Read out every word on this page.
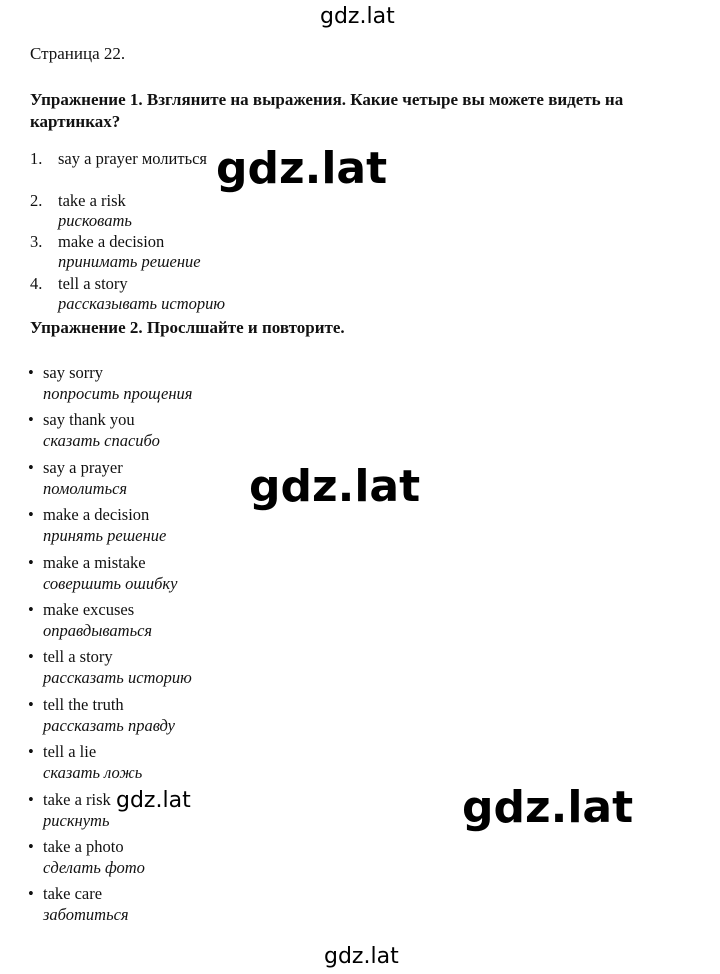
Страница 22.
Упражнение 1. Взгляните на выражения. Какие четыре вы можете видеть на картинках?
1. say a prayer молиться
2. take a risk
рисковать
3. make a decision
принимать решение
4. tell a story
рассказывать историю
Упражнение 2. Прослшайте и повторите.
• say sorry
попросить прощения
• say thank you
сказать спасибо
• say a prayer
помолиться
• make a decision
принять решение
• make a mistake
совершить ошибку
• make excuses
оправдываться
• tell a story
рассказать историю
• tell the truth
рассказать правду
• tell a lie
сказать ложь
• take a risk
рискнуть
• take a photo
сделать фото
• take care
заботиться
gdz.lat
gdz.lat
gdz.lat
gdz.lat	gdz.lat
gdz.lat
